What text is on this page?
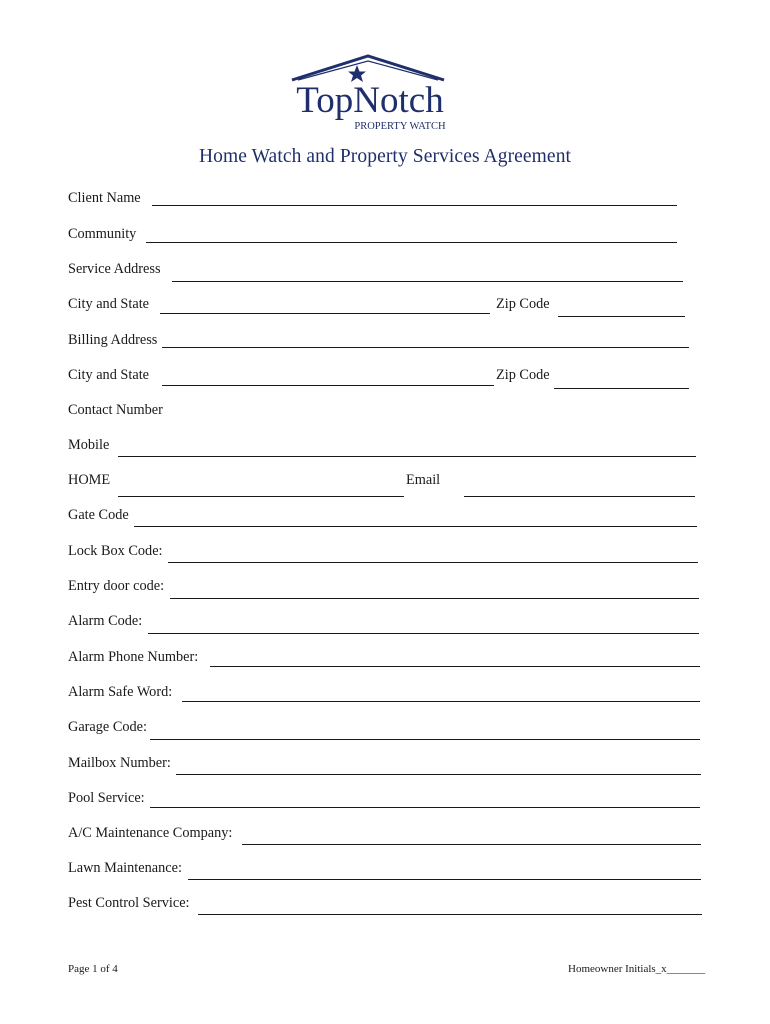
TopNotch
PROPERTY WATCH
Home Watch and Property Services Agreement
Client Name
Community
Service Address
City and State	Zip Code
Billing Address
City and State	Zip Code
Contact Number
Mobile
HOME	Email
Gate Code
Lock Box Code:
Entry door code:
Alarm Code:
Alarm Phone Number:
Alarm Safe Word:
Garage Code:
Mailbox Number:
Pool Service:
A/C Maintenance Company:
Lawn Maintenance:
Pest Control Service:
Page 1 of 4	Homeowner Initials_x_______
